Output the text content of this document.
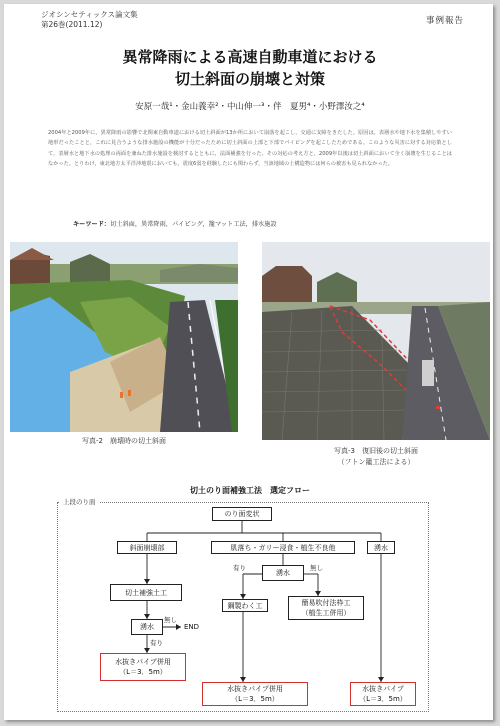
ジオシンセティックス論文集
第26巻(2011.12)	事例報告
異常降雨による高速自動車道における
切土斜面の崩壊と対策
安原一哉¹・金山義幸²・中山伸一³・伴　夏男⁴・小野澤汝之⁴
2004年と2009年に，異常降雨の影響で北関東自動車道における切土斜面が13か所において崩落を起こし，交通に支障をきたした。原因は，表層水や地下水を集積しやすい地形だったことと，これに見合うような排水施設の機能が十分だったために切土斜面の上部と下部でパイピングを起こしたためである。このような災害に対する対応策として，表層水と地下水の処理の両面を兼ねた排水施設を検討するとともに，法面補強を行った。その対応の考え方と，2009年以後は切土斜面において全く崩壊を生じることはなかった。とりわけ，東北地方太平洋沖地震においても，震度6弱を経験したにも関わらず，当該地域の土構造物には何らの被害も見られなかった。
キーワード：切土斜面，異常降雨，パイピング，籠マット工法，排水施設
写真-2　崩壊時の切土斜面
写真-3　復旧後の切土斜面
（フトン籠工法による）
切土のり面補強工法　選定フロー
上段のり面
のり面変状
斜面崩壊部	肌落ち・ガリー浸食・植生不良他	湧水
切土補強土工
湧水
無し
END
有り
水抜きパイプ併用
（L＝3．5m）
湧水
有り	無し
鋼製わく工	簡易吹付法枠工
（植生工併用）
水抜きパイプ併用
（L＝3．5m）
水抜きパイプ
（L＝3．5m）
